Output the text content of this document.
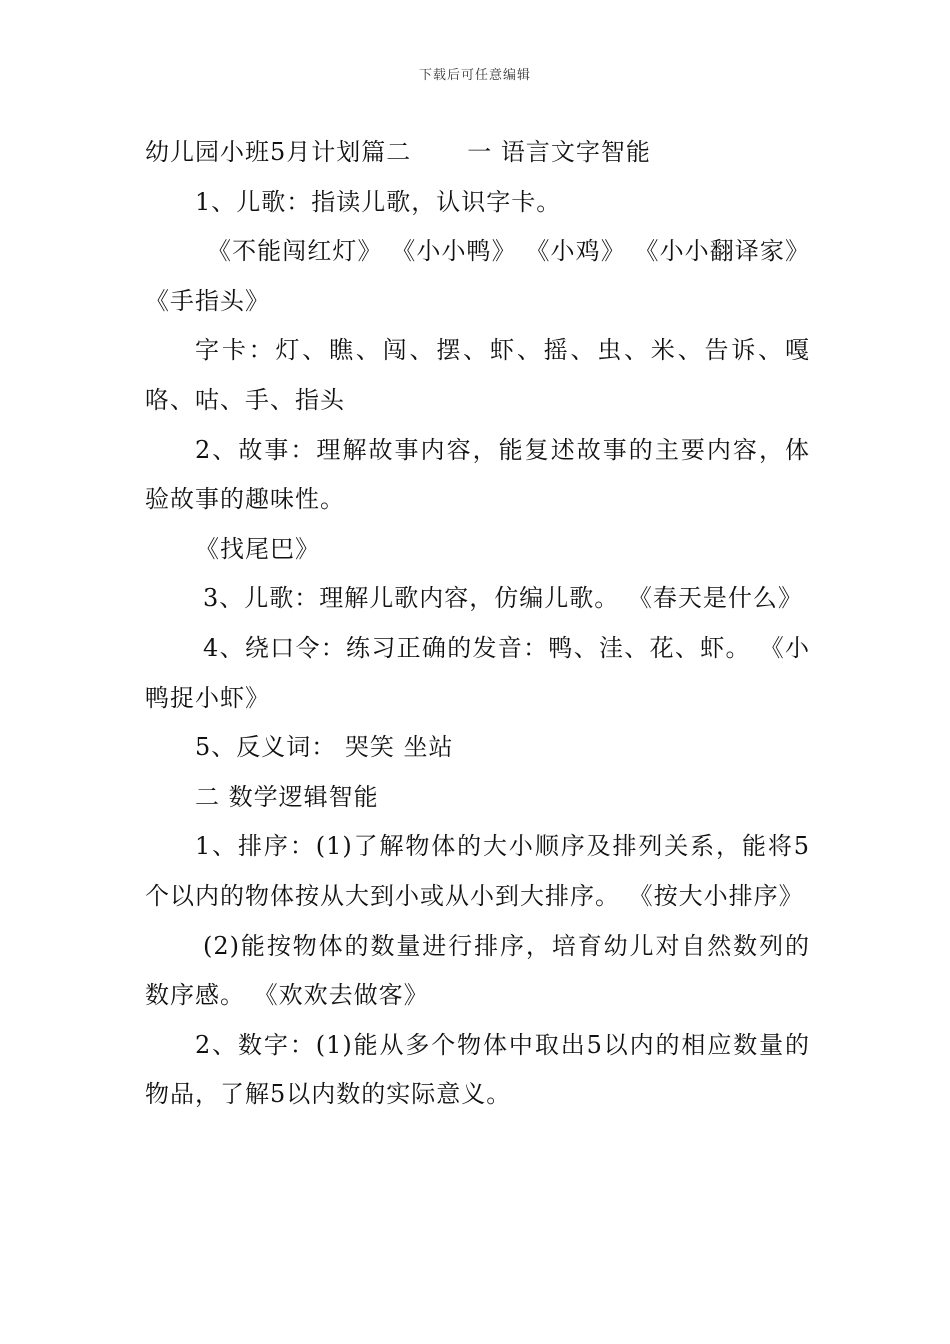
下载后可任意编辑

幼儿园小班5月计划篇二 一 语言文字智能

1、儿歌：指读儿歌，认识字卡。

《不能闯红灯》 《小小鸭》 《小鸡》 《小小翻译家》 《手指头》

字卡：灯、瞧、闯、摆、虾、摇、虫、米、告诉、嘎咯、咕、手、指头

2、故事：理解故事内容，能复述故事的主要内容，体验故事的趣味性。

《找尾巴》

3、儿歌：理解儿歌内容，仿编儿歌。 《春天是什么》

4、绕口令：练习正确的发音：鸭、洼、花、虾。 《小鸭捉小虾》

5、反义词： 哭笑 坐站

二 数学逻辑智能

1、排序：(1)了解物体的大小顺序及排列关系，能将5个以内的物体按从大到小或从小到大排序。 《按大小排序》

(2)能按物体的数量进行排序，培育幼儿对自然数列的数序感。 《欢欢去做客》

2、数字：(1)能从多个物体中取出5以内的相应数量的物品，了解5以内数的实际意义。
